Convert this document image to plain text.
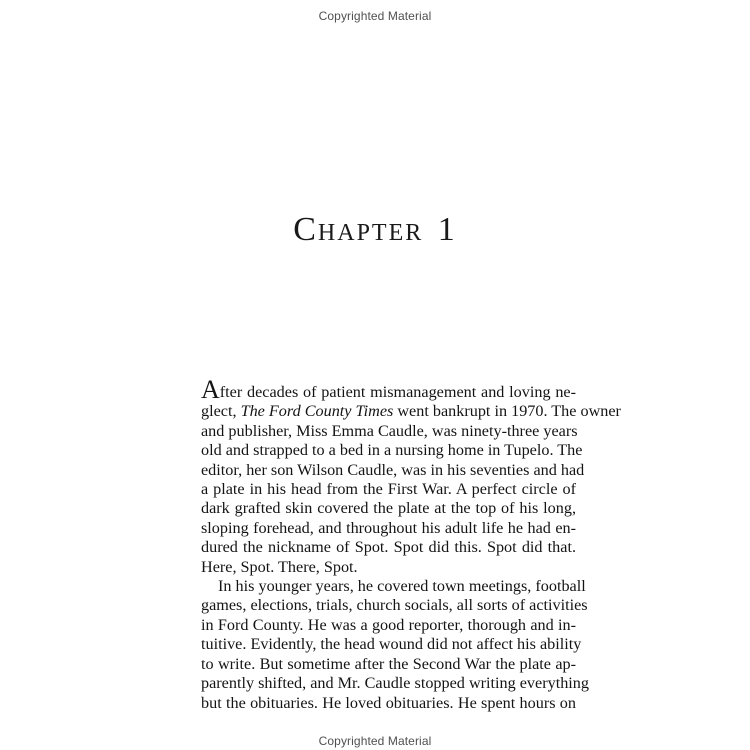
Copyrighted Material
Chapter 1

After decades of patient mismanagement and loving ne-
glect, The Ford County Times went bankrupt in 1970. The owner
and publisher, Miss Emma Caudle, was ninety-three years
old and strapped to a bed in a nursing home in Tupelo. The
editor, her son Wilson Caudle, was in his seventies and had
a plate in his head from the First War. A perfect circle of
dark grafted skin covered the plate at the top of his long,
sloping forehead, and throughout his adult life he had en-
dured the nickname of Spot. Spot did this. Spot did that.
Here, Spot. There, Spot.

In his younger years, he covered town meetings, football
games, elections, trials, church socials, all sorts of activities
in Ford County. He was a good reporter, thorough and in-
tuitive. Evidently, the head wound did not affect his ability
to write. But sometime after the Second War the plate ap-
parently shifted, and Mr. Caudle stopped writing everything
but the obituaries. He loved obituaries. He spent hours on

Copyrighted Material
